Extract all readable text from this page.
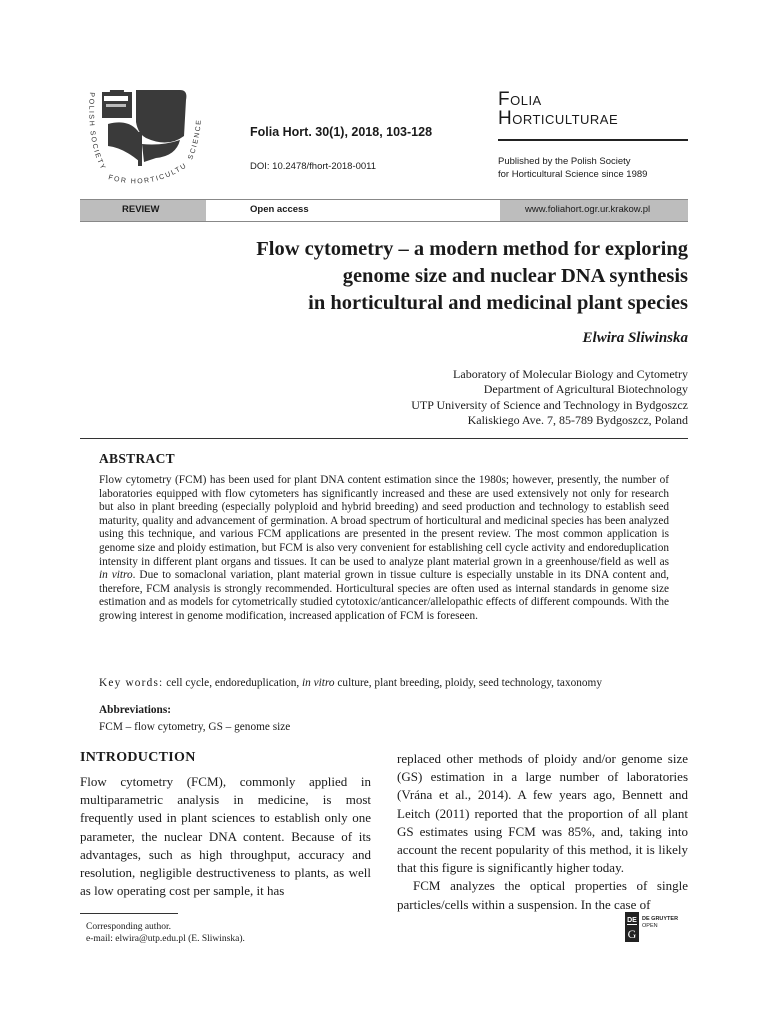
POLISH SOCIETY
FOR HORTICULTU
SCIENCE
Folia Hort. 30(1), 2018, 103-128
DOI: 10.2478/fhort-2018-0011
Folia
Horticulturae
Published by the Polish Society
for Horticultural Science since 1989
REVIEW	Open access	www.foliahort.ogr.ur.krakow.pl
Flow cytometry – a modern method for exploring
genome size and nuclear DNA synthesis
in horticultural and medicinal plant species
Elwira Sliwinska
Laboratory of Molecular Biology and Cytometry
Department of Agricultural Biotechnology
UTP University of Science and Technology in Bydgoszcz
Kaliskiego Ave. 7, 85-789 Bydgoszcz, Poland
ABSTRACT
Flow cytometry (FCM) has been used for plant DNA content estimation since the 1980s; however, presently, the number of laboratories equipped with flow cytometers has significantly increased and these are used extensively not only for research but also in plant breeding (especially polyploid and hybrid breeding) and seed production and technology to establish seed maturity, quality and advancement of germination. A broad spectrum of horticultural and medicinal species has been analyzed using this technique, and various FCM applications are presented in the present review. The most common application is genome size and ploidy estimation, but FCM is also very convenient for establishing cell cycle activity and endoreduplication intensity in different plant organs and tissues. It can be used to analyze plant material grown in a greenhouse/field as well as in vitro. Due to somaclonal variation, plant material grown in tissue culture is especially unstable in its DNA content and, therefore, FCM analysis is strongly recommended. Horticultural species are often used as internal standards in genome size estimation and as models for cytometrically studied cytotoxic/anticancer/allelopathic effects of different compounds. With the growing interest in genome modification, increased application of FCM is foreseen.
Key words: cell cycle, endoreduplication, in vitro culture, plant breeding, ploidy, seed technology, taxonomy
Abbreviations:
FCM – flow cytometry, GS – genome size
INTRODUCTION
Flow cytometry (FCM), commonly applied in multiparametric analysis in medicine, is most frequently used in plant sciences to establish only one parameter, the nuclear DNA content. Because of its advantages, such as high throughput, accuracy and resolution, negligible destructiveness to plants, as well as low operating cost per sample, it has
replaced other methods of ploidy and/or genome size (GS) estimation in a large number of laboratories (Vrána et al., 2014). A few years ago, Bennett and Leitch (2011) reported that the proportion of all plant GS estimates using FCM was 85%, and, taking into account the recent popularity of this method, it is likely that this figure is significantly higher today.
FCM analyzes the optical properties of single particles/cells within a suspension. In the case of
Corresponding author.
e-mail: elwira@utp.edu.pl (E. Sliwinska).
DE
G
DE GRUYTER
OPEN
